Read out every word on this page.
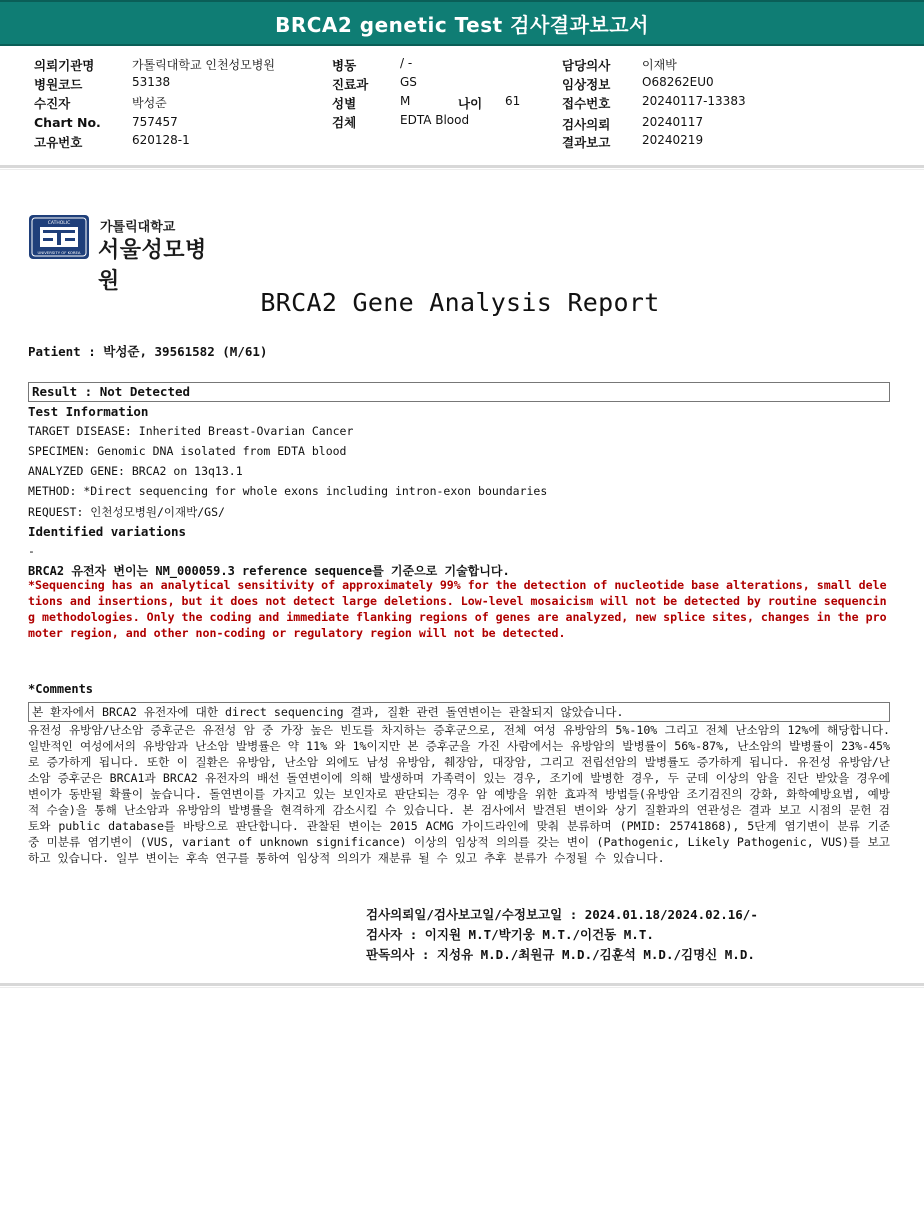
BRCA2 genetic Test 검사결과보고서
의뢰기관명	가톨릭대학교 인천성모병원
병원코드	53138
수진자	박성준
Chart No.	757457
고유번호	620128-1
병동	/ -
진료과	GS
성별	M	나이 61
검체	EDTA Blood
담당의사	이재박
임상정보	O68262EU0
접수번호	20240117-13383
검사의뢰	20240117
결과보고	20240219
CATHOLIC
UNIVERSITY OF KOREA
가톨릭대학교
서울성모병원
BRCA2 Gene Analysis Report
Patient : 박성준, 39561582 (M/61)
Result : Not Detected
Test Information
TARGET DISEASE: Inherited Breast-Ovarian Cancer
SPECIMEN: Genomic DNA isolated from EDTA blood
ANALYZED GENE: BRCA2 on 13q13.1
METHOD: *Direct sequencing for whole exons including intron-exon boundaries
REQUEST: 인천성모병원/이재박/GS/
Identified variations
-
BRCA2 유전자 변이는 NM_000059.3 reference sequence를 기준으로 기술합니다.
*Sequencing has an analytical sensitivity of approximately 99% for the detection of nucleotide base alterations, small deletions and insertions, but it does not detect large deletions. Low-level mosaicism will not be detected by routine sequencing methodologies. Only the coding and immediate flanking regions of genes are analyzed, new splice sites, changes in the promoter region, and other non-coding or regulatory region will not be detected.
*Comments
본 환자에서 BRCA2 유전자에 대한 direct sequencing 결과, 질환 관련 돌연변이는 관찰되지 않았습니다.
유전성 유방암/난소암 증후군은 유전성 암 중 가장 높은 빈도를 차지하는 증후군으로, 전체 여성 유방암의 5%-10% 그리고 전체 난소암의 12%에 해당합니다. 일반적인 여성에서의 유방암과 난소암 발병률은 약 11% 와 1%이지만 본 증후군을 가진 사람에서는 유방암의 발병률이 56%-87%, 난소암의 발병률이 23%-45%로 증가하게 됩니다. 또한 이 질환은 유방암, 난소암 외에도 남성 유방암, 췌장암, 대장암, 그리고 전립선암의 발병률도 증가하게 됩니다. 유전성 유방암/난소암 증후군은 BRCA1과 BRCA2 유전자의 배선 돌연변이에 의해 발생하며 가족력이 있는 경우, 조기에 발병한 경우, 두 군데 이상의 암을 진단 받았을 경우에 변이가 동반될 확률이 높습니다. 돌연변이를 가지고 있는 보인자로 판단되는 경우 암 예방을 위한 효과적 방법들(유방암 조기검진의 강화, 화학예방요법, 예방적 수술)을 통해 난소암과 유방암의 발병률을 현격하게 감소시킬 수 있습니다. 본 검사에서 발견된 변이와 상기 질환과의 연관성은 결과 보고 시점의 문헌 검토와 public database를 바탕으로 판단합니다. 관찰된 변이는 2015 ACMG 가이드라인에 맞춰 분류하며 (PMID: 25741868), 5단계 염기변이 분류 기준 중 미분류 염기변이 (VUS, variant of unknown significance) 이상의 임상적 의의를 갖는 변이 (Pathogenic, Likely Pathogenic, VUS)를 보고하고 있습니다. 일부 변이는 후속 연구를 통하여 임상적 의의가 재분류 될 수 있고 추후 분류가 수정될 수 있습니다.
검사의뢰일/검사보고일/수정보고일 : 2024.01.18/2024.02.16/-
검사자 : 이지원 M.T/박기웅 M.T./이건동 M.T.
판독의사 : 지성유 M.D./최원규 M.D./김훈석 M.D./김명신 M.D.
